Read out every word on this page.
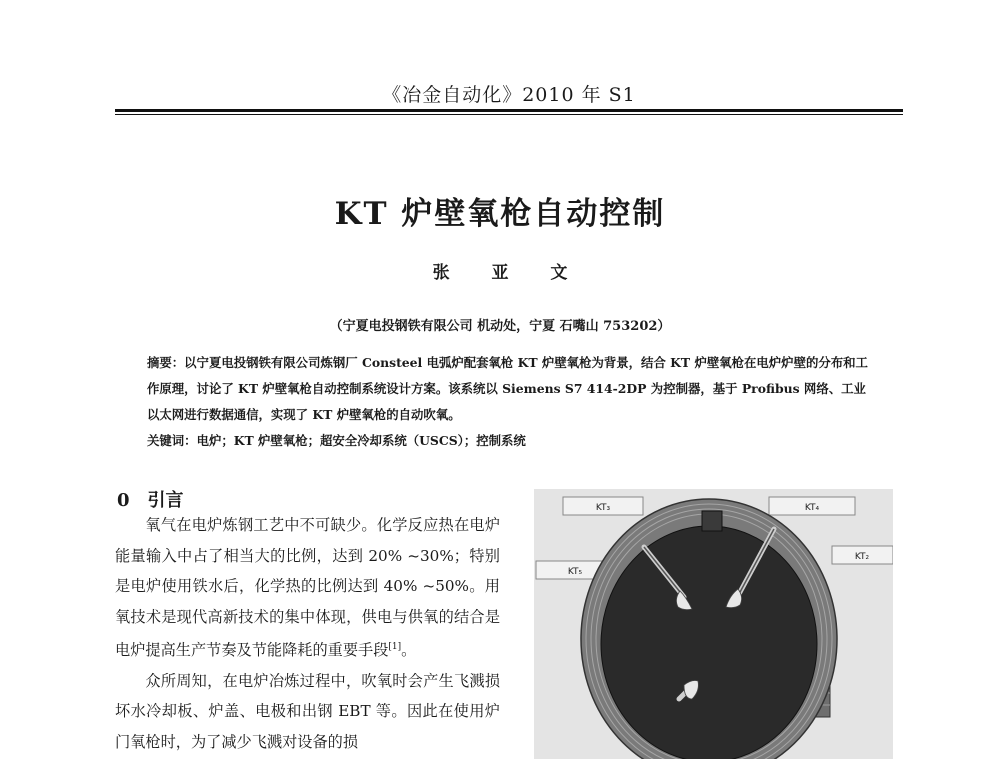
《冶金自动化》2010 年 S1
KT 炉壁氧枪自动控制
张 亚 文
（宁夏电投钢铁有限公司 机动处，宁夏 石嘴山 753202）
摘要：以宁夏电投钢铁有限公司炼钢厂 Consteel 电弧炉配套氧枪 KT 炉壁氧枪为背景，结合 KT 炉壁氧枪在电炉炉壁的分布和工作原理，讨论了 KT 炉壁氧枪自动控制系统设计方案。该系统以 Siemens S7 414-2DP 为控制器，基于 Profibus 网络、工业以太网进行数据通信，实现了 KT 炉壁氧枪的自动吹氧。
关键词：电炉；KT 炉壁氧枪；超安全冷却系统（USCS）；控制系统
0 引言

氧气在电炉炼钢工艺中不可缺少。化学反应热在电炉能量输入中占了相当大的比例，达到 20% ~30%；特别是电炉使用铁水后，化学热的比例达到 40% ~50%。用氧技术是现代高新技术的集中体现，供电与供氧的结合是电炉提高生产节奏及节能降耗的重要手段[1]。

众所周知，在电炉冶炼过程中，吹氧时会产生飞溅损坏水冷却板、炉盖、电极和出钢 EBT 等。因此在使用炉门氧枪时，为了减少飞溅对设备的损

KT₃	KT₄
KT₂
KT₅
